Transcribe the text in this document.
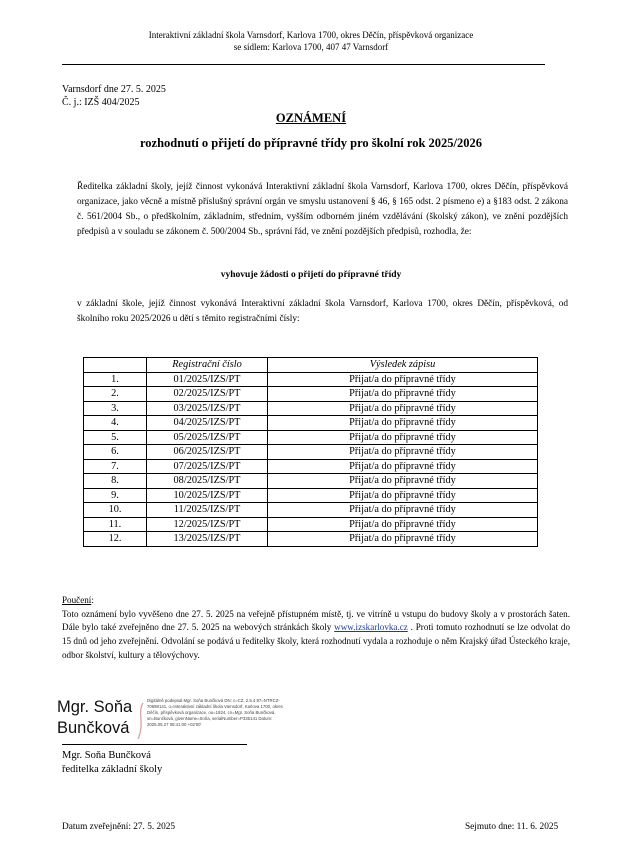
Interaktivní základní škola Varnsdorf, Karlova 1700, okres Děčín, příspěvková organizace
se sídlem: Karlova 1700, 407 47 Varnsdorf
Varnsdorf dne 27. 5. 2025
Č. j.: IZŠ 404/2025
OZNÁMENÍ
rozhodnutí o přijetí do přípravné třídy pro školní rok 2025/2026
Ředitelka základní školy, jejíž činnost vykonává Interaktivní základní škola Varnsdorf, Karlova 1700, okres Děčín, příspěvková organizace, jako věcně a místně příslušný správní orgán ve smyslu ustanovení § 46, § 165 odst. 2 písmeno e) a §183 odst. 2 zákona č. 561/2004 Sb., o předškolním, základním, středním, vyšším odborném jiném vzdělávání (školský zákon), ve znění pozdějších předpisů a v souladu se zákonem č. 500/2004 Sb., správní řád, ve znění pozdějších předpisů, rozhodla, že:
vyhovuje žádosti o přijetí do přípravné třídy
v základní škole, jejíž činnost vykonává Interaktivní základní škola Varnsdorf, Karlova 1700, okres Děčín, příspěvková, od školního roku 2025/2026 u dětí s těmito registračními čísly:
	Registrační číslo	Výsledek zápisu
1.	01/2025/IZS/PT	Přijat/a do přípravné třídy
2.	02/2025/IZS/PT	Přijat/a do přípravné třídy
3.	03/2025/IZS/PT	Přijat/a do přípravné třídy
4.	04/2025/IZS/PT	Přijat/a do přípravné třídy
5.	05/2025/IZS/PT	Přijat/a do přípravné třídy
6.	06/2025/IZS/PT	Přijat/a do přípravné třídy
7.	07/2025/IZS/PT	Přijat/a do přípravné třídy
8.	08/2025/IZS/PT	Přijat/a do přípravné třídy
9.	10/2025/IZS/PT	Přijat/a do přípravné třídy
10.	11/2025/IZS/PT	Přijat/a do přípravné třídy
11.	12/2025/IZS/PT	Přijat/a do přípravné třídy
12.	13/2025/IZS/PT	Přijat/a do přípravné třídy
Poučení:
Toto oznámení bylo vyvěšeno dne 27. 5. 2025 na veřejně přístupném místě, tj. ve vitríně u vstupu do budovy školy a v prostorách šaten. Dále bylo také zveřejněno dne 27. 5. 2025 na webových stránkách školy www.izskarlovka.cz . Proti tomuto rozhodnutí se lze odvolat do 15 dnů od jeho zveřejnění. Odvolání se podává u ředitelky školy, která rozhodnutí vydala a rozhoduje o něm Krajský úřad Ústeckého kraje, odbor školství, kultury a tělovýchovy.
Mgr. Soňa
Bunčková
Digitálně podepsal Mgr. Soňa Bunčková DN: c=CZ, 2.5.4.97=NTRCZ-70698141, o=Interaktivní základní škola Varnsdorf, Karlova 1700, okres Děčín, příspěvková organizace, ou=1924, cn=Mgr. Soňa Bunčková, sn=Bunčková, givenName=Soňa, serialNumber=P335141 Datum: 2025.05.27 08:41:00 +02'00'
Mgr. Soňa Bunčková
ředitelka základní školy
Datum zveřejnění: 27. 5. 2025	Sejmuto dne: 11. 6. 2025
